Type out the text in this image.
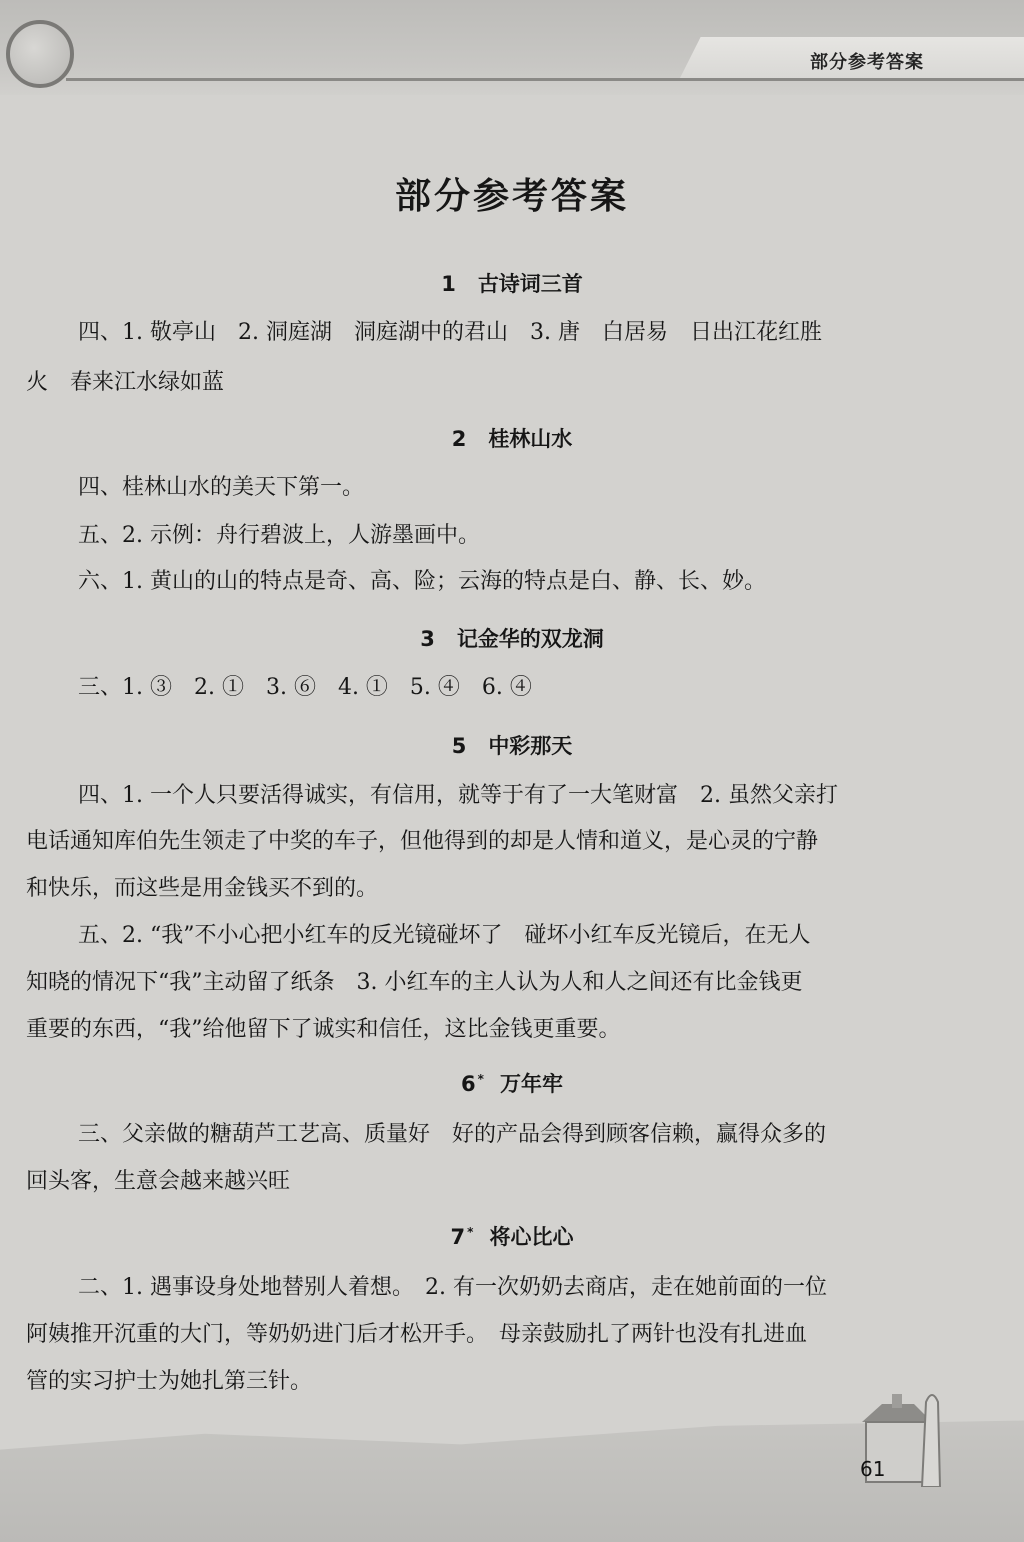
部分参考答案
部分参考答案
1 古诗词三首
四、1. 敬亭山　2. 洞庭湖　洞庭湖中的君山　3. 唐　白居易　日出江花红胜
火　春来江水绿如蓝
2 桂林山水
四、桂林山水的美天下第一。
五、2. 示例：舟行碧波上，人游墨画中。
六、1. 黄山的山的特点是奇、高、险；云海的特点是白、静、长、妙。
3 记金华的双龙洞
三、1. ③　2. ①　3. ⑥　4. ①　5. ④　6. ④
5 中彩那天
四、1. 一个人只要活得诚实，有信用，就等于有了一大笔财富　2. 虽然父亲打
电话通知库伯先生领走了中奖的车子，但他得到的却是人情和道义，是心灵的宁静
和快乐，而这些是用金钱买不到的。
五、2. “我”不小心把小红车的反光镜碰坏了　碰坏小红车反光镜后，在无人
知晓的情况下“我”主动留了纸条　3. 小红车的主人认为人和人之间还有比金钱更
重要的东西，“我”给他留下了诚实和信任，这比金钱更重要。
6 * 万年牢
三、父亲做的糖葫芦工艺高、质量好　好的产品会得到顾客信赖，赢得众多的
回头客，生意会越来越兴旺
7 * 将心比心
二、1. 遇事设身处地替别人着想。　2. 有一次奶奶去商店，走在她前面的一位
阿姨推开沉重的大门，等奶奶进门后才松开手。　母亲鼓励扎了两针也没有扎进血
管的实习护士为她扎第三针。
61
